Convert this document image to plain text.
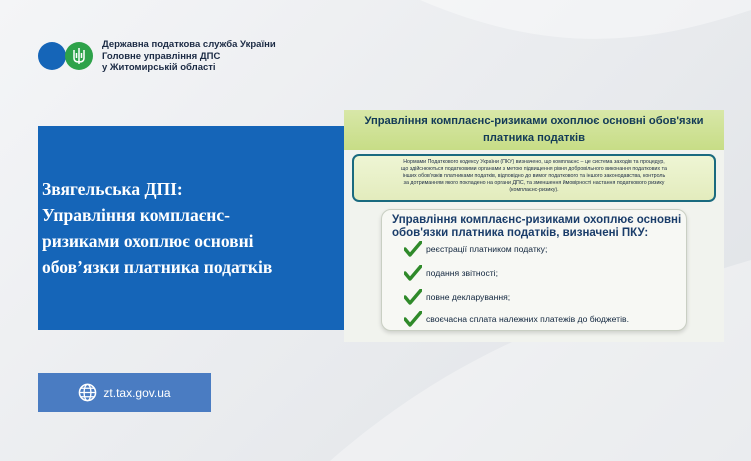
Державна податкова служба України
Головне управління ДПС
у Житомирській області
Звягельська ДПІ:
Управління комплаєнс-
ризиками охоплює основні
обов’язки платника податків
Управління комплаєнс-ризиками охоплює основні обов'язки
платника податків
Нормами Податкового кодексу України (ПКУ) визначено, що комплаєнс – це система заходів та процедур,
що здійснюються податковими органами з метою підвищення рівня добровільного виконання податкових та
інших обов'язків платниками податків, відповідно до вимог податкового та іншого законодавства, контроль
за дотриманням якого покладено на органи ДПС, та зменшення ймовірності настання податкового ризику
(комплаєнс-ризику).
Управління комплаєнс-ризиками охоплює основні
обов'язки платника податків, визначені ПКУ:
реєстрації платником податку;
подання звітності;
повне декларування;
своєчасна сплата належних платежів до бюджетів.
zt.tax.gov.ua
